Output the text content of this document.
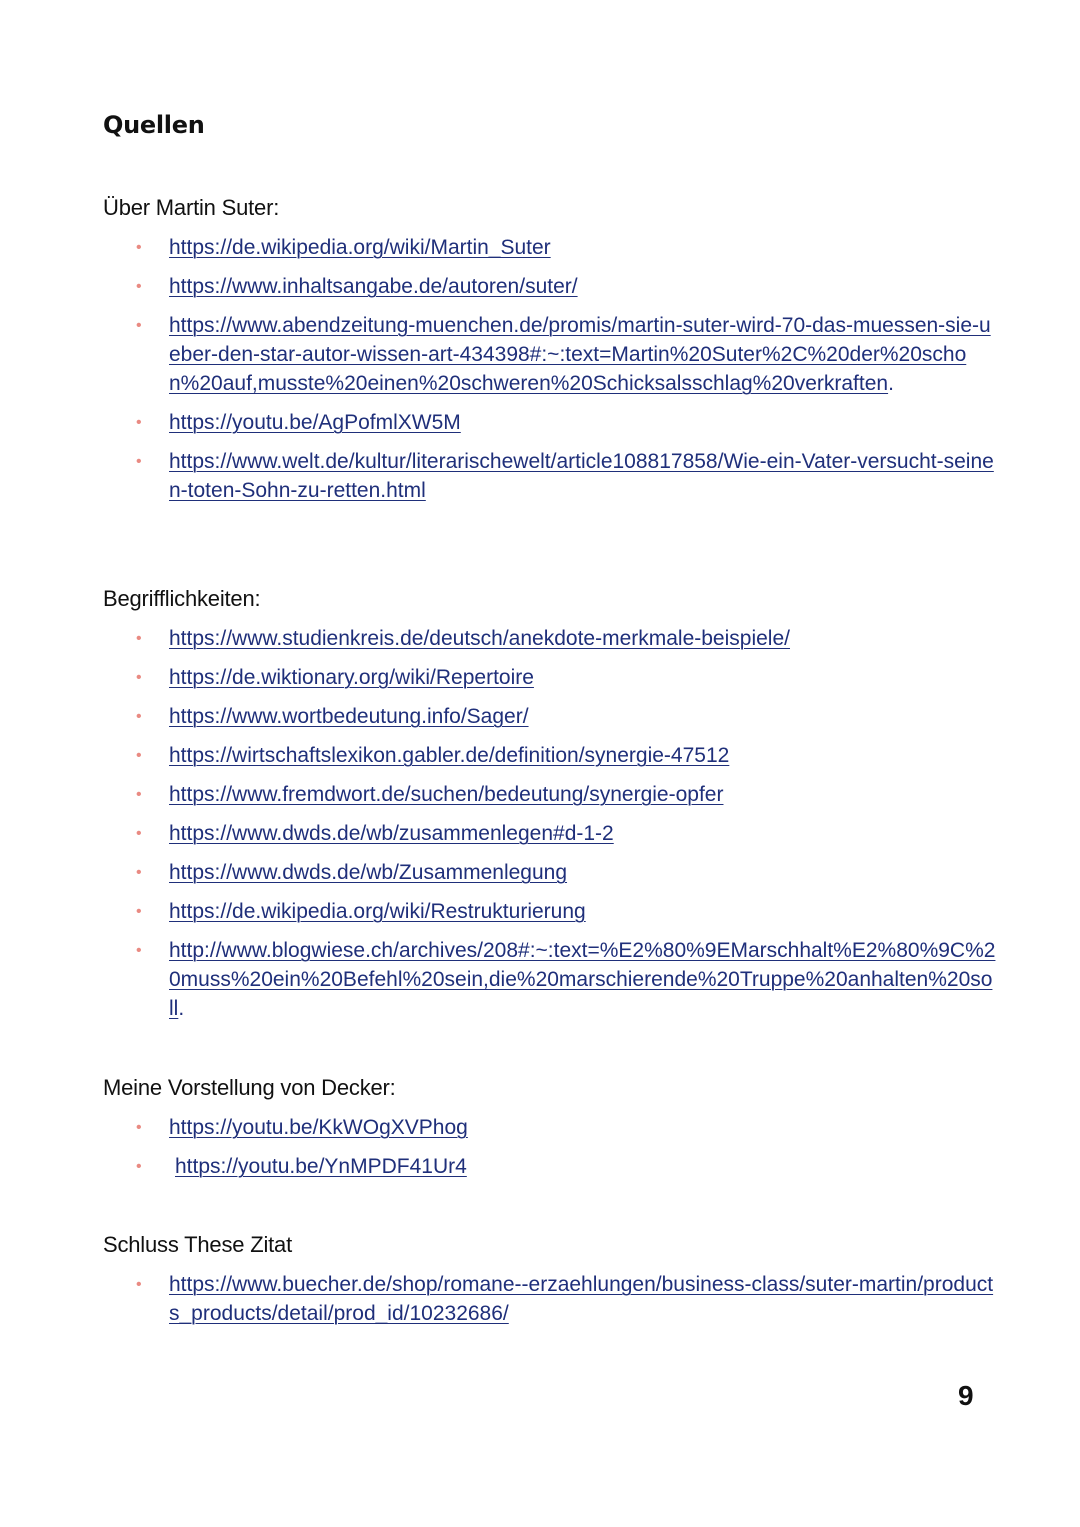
Quellen

Über Martin Suter:

• https://de.wikipedia.org/wiki/Martin_Suter
• https://www.inhaltsangabe.de/autoren/suter/
• https://www.abendzeitung-muenchen.de/promis/martin-suter-wird-70-das-muessen-sie-ueber-den-star-autor-wissen-art-434398#:~:text=Martin%20Suter%2C%20der%20schon%20auf,musste%20einen%20schweren%20Schicksalsschlag%20verkraften.
• https://youtu.be/AgPofmlXW5M
• https://www.welt.de/kultur/literarischewelt/article108817858/Wie-ein-Vater-versucht-seinen-toten-Sohn-zu-retten.html

Begrifflichkeiten:

• https://www.studienkreis.de/deutsch/anekdote-merkmale-beispiele/
• https://de.wiktionary.org/wiki/Repertoire
• https://www.wortbedeutung.info/Sager/
• https://wirtschaftslexikon.gabler.de/definition/synergie-47512
• https://www.fremdwort.de/suchen/bedeutung/synergie-opfer
• https://www.dwds.de/wb/zusammenlegen#d-1-2
• https://www.dwds.de/wb/Zusammenlegung
• https://de.wikipedia.org/wiki/Restrukturierung
• http://www.blogwiese.ch/archives/208#:~:text=%E2%80%9EMarschhalt%E2%80%9C%20muss%20ein%20Befehl%20sein,die%20marschierende%20Truppe%20anhalten%20soll.

Meine Vorstellung von Decker:

• https://youtu.be/KkWOgXVPhog
• https://youtu.be/YnMPDF41Ur4

Schluss These Zitat

• https://www.buecher.de/shop/romane--erzaehlungen/business-class/suter-martin/products_products/detail/prod_id/10232686/

9
